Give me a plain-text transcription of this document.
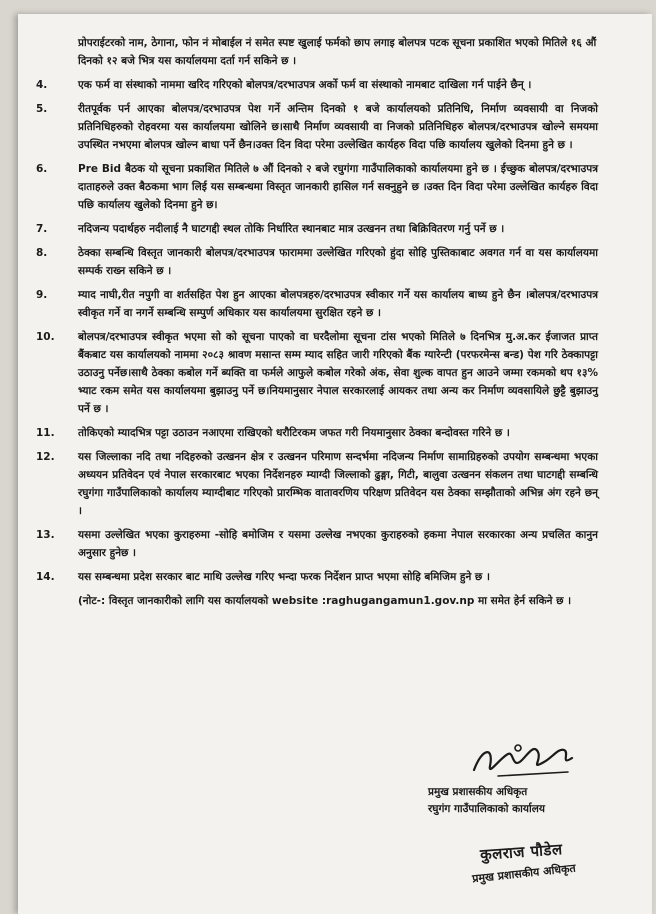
प्रोपराईटरको नाम, ठेगाना, फोन नं मोबाईल नं समेत स्पष्ट खुलाई फर्मको छाप लगाइ बोलपत्र पटक सूचना प्रकाशित भएको मितिले १६ औं दिनको १२ बजे भित्र यस कार्यालयमा दर्ता गर्न सकिने छ ।

4.	एक फर्म वा संस्थाको नाममा खरिद गरिएको बोलपत्र/दरभाउपत्र अर्को फर्म वा संस्थाको नामबाट दाखिला गर्न पाईने छैन् ।
5.	रीतपूर्वक पर्न आएका बोलपत्र/दरभाउपत्र पेश गर्ने अन्तिम दिनको १ बजे कार्यालयको प्रतिनिधि, निर्माण व्यवसायी वा निजको प्रतिनिधिहरुको रोहवरमा यस कार्यालयमा खोलिने छ।साथै निर्माण व्यवसायी वा निजको प्रतिनिधिहरु बोलपत्र/दरभाउपत्र खोल्ने समयमा उपस्थित नभएमा बोलपत्र खोल्न बाधा पर्ने छैन।उक्त दिन विदा परेमा उल्लेखित कार्यहरु विदा पछि कार्यालय खुलेको दिनमा हुने छ ।
6.	Pre Bid बैठक यो सूचना प्रकाशित मितिले ७ औं दिनको २ बजे रघुगंगा गाउँपालिकाको कार्यालयमा हुने छ । ईच्छुक बोलपत्र/दरभाउपत्र दाताहरुले उक्त बैठकमा भाग लिई यस सम्बन्धमा विस्तृत जानकारी हासिल गर्न सक्नुहुने छ ।उक्त दिन विदा परेमा उल्लेखित कार्यहरु विदा पछि कार्यालय खुलेको दिनमा हुने छ।
7.	नदिजन्य पदार्थहरु नदीलाई नै घाटगद्दी स्थल तोकि निर्धारित स्थानबाट मात्र उत्खनन तथा बिक्रिवितरण गर्नु पर्ने छ ।
8.	ठेक्का सम्बन्धि विस्तृत जानकारी बोलपत्र/दरभाउपत्र फाराममा उल्लेखित गरिएको हुंदा सोहि पुस्तिकाबाट अवगत गर्न वा यस कार्यालयमा सम्पर्क राख्न सकिने छ ।
9.	म्याद नाघी,रीत नपुगी वा शर्तसहित पेश हुन आएका बोलपत्रहरु/दरभाउपत्र स्वीकार गर्ने यस कार्यालय बाध्य हुने छैन ।बोलपत्र/दरभाउपत्र स्वीकृत गर्ने वा नगर्ने सम्बन्धि सम्पुर्ण अधिकार यस कार्यालयमा सुरक्षित रहने छ ।
10. बोलपत्र/दरभाउपत्र स्वीकृत भएमा सो को सूचना पाएको वा घरदैलोमा सूचना टांस भएको मितिले ७ दिनभित्र मु.अ.कर ईजाजत प्राप्त बैंकबाट यस कार्यालयको नाममा २०८३ श्रावण मसान्त सम्म म्याद सहित जारी गरिएको बैंक ग्यारेन्टी (परफरमेन्स बन्ड) पेश गरि ठेक्कापट्टा उठाउनु पर्नेछ।साथै ठेक्का कबोल गर्ने ब्यक्ति वा फर्मले आफुले कबोल गरेको अंक, सेवा शुल्क वापत हुन आउने जम्मा रकमको थप १३% भ्याट रकम समेत यस कार्यालयमा बुझाउनु पर्ने छ।नियमानुसार नेपाल सरकारलाई आयकर तथा अन्य कर निर्माण व्यवसायिले छुट्टै बुझाउनु पर्ने छ ।
11. तोकिएको म्यादभित्र पट्टा उठाउन नआएमा राखिएको धरौटिरकम जफत गरी नियमानुसार ठेक्का बन्दोवस्त गरिने छ ।
12. यस जिल्लाका नदि तथा नदिहरुको उत्खनन क्षेत्र र उत्खनन परिमाण सन्दर्भमा नदिजन्य निर्माण सामाग्रिहरुको उपयोग सम्बन्धमा भएका अध्ययन प्रतिवेदन एवं नेपाल सरकारबाट भएका निर्देशनहरु म्याग्दी जिल्लाको ढुङ्गा, गिटी, बालुवा उत्खनन संकलन तथा घाटगद्दी सम्बन्धि रघुगंगा गाउँपालिकाको कार्यालय म्याग्दीबाट गरिएको प्रारम्भिक वातावरणिय परिक्षण प्रतिवेदन यस ठेक्का सम्झौताको अभिन्न अंग रहने छन् ।
13. यसमा उल्लेखित भएका कुराहरुमा -सोहि बमोजिम र यसमा उल्लेख नभएका कुराहरुको हकमा नेपाल सरकारका अन्य प्रचलित कानुन अनुसार हुनेछ ।
14. यस सम्बन्धमा प्रदेश सरकार बाट माथि उल्लेख गरिए भन्दा फरक निर्देशन प्राप्त भएमा सोहि बमिजिम हुने छ ।

(नोट-: विस्तृत जानकारीको लागि यस कार्यालयको website :raghugangamun1.gov.np मा समेत हेर्न सकिने छ ।

प्रमुख प्रशासकीय अधिकृत
रघुगंग गाउँपालिकाको कार्यालय
कुलराज पौडेल
प्रमुख प्रशासकीय अधिकृत
